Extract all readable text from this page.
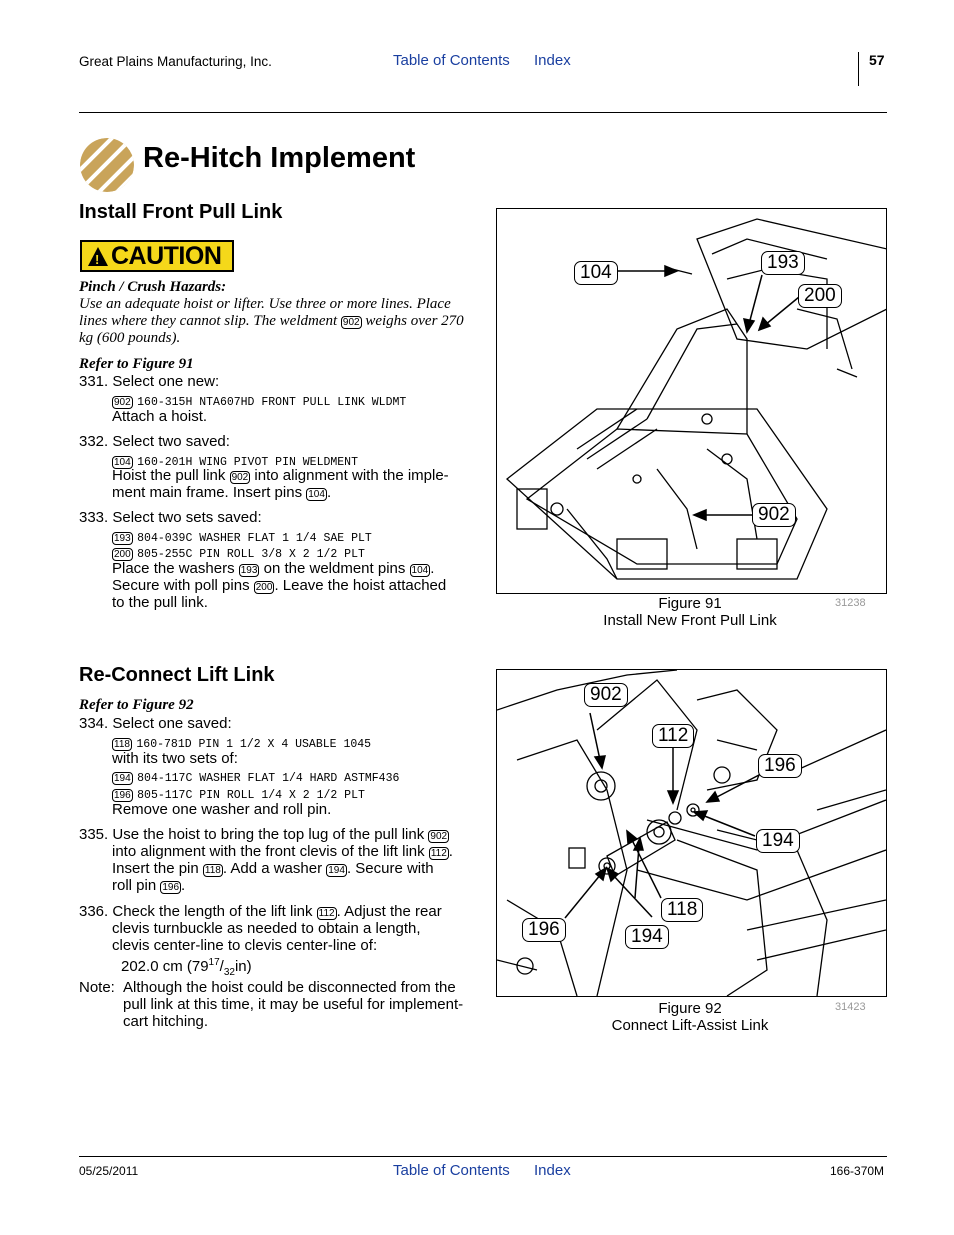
Great Plains Manufacturing, Inc.	Table of Contents Index	57
Re-Hitch Implement
Install Front Pull Link
! CAUTION
Pinch / Crush Hazards:
Use an adequate hoist or lifter. Use three or more lines. Place lines where they cannot slip. The weldment 902 weighs over 270 kg (600 pounds).
Refer to Figure 91
331. Select one new:
902 160-315H NTA607HD FRONT PULL LINK WLDMT
Attach a hoist.
332. Select two saved:
104 160-201H WING PIVOT PIN WELDMENT
Hoist the pull link 902 into alignment with the imple-
ment main frame. Insert pins 104 .
333. Select two sets saved:
193 804-039C WASHER FLAT 1 1/4 SAE PLT
200 805-255C PIN ROLL 3/8 X 2 1/2 PLT
Place the washers 193 on the weldment pins 104 .
Secure with poll pins 200 . Leave the hoist attached
to the pull link.
104	193
200
902
Figure 91
Install New Front Pull Link
31238
Re-Connect Lift Link
Refer to Figure 92
334. Select one saved:
118 160-781D PIN 1 1/2 X 4 USABLE 1045
with its two sets of:
194 804-117C WASHER FLAT 1/4 HARD ASTMF436
196 805-117C PIN ROLL 1/4 X 2 1/2 PLT
Remove one washer and roll pin.
335. Use the hoist to bring the top lug of the pull link 902
into alignment with the front clevis of the lift link 112 .
Insert the pin 118 . Add a washer 194 . Secure with
roll pin 196 .
336. Check the length of the lift link 112 . Adjust the rear
clevis turnbuckle as needed to obtain a length,
clevis center-line to clevis center-line of:
202.0 cm $(79^{17}/_{32}in)$
Note: Although the hoist could be disconnected from the
pull link at this time, it may be useful for implement-
cart hitching.
902
112
196
194
118
196	194
Figure 92
Connect Lift-Assist Link
31423
05/25/2011	Table of Contents Index	166-370M
